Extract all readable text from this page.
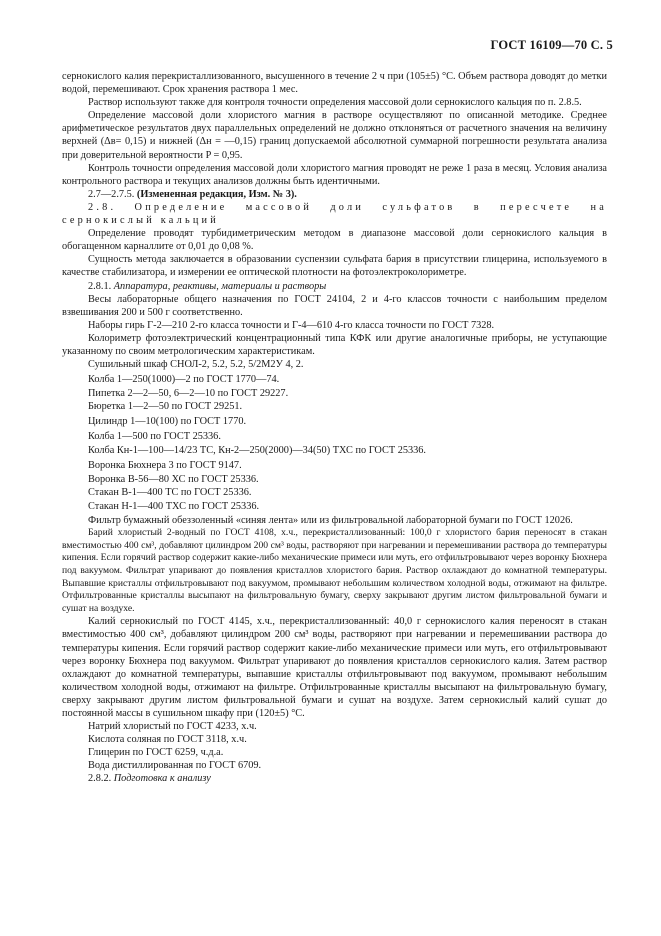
ГОСТ 16109—70 С. 5

сернокислого калия перекристаллизованного, высушенного в течение 2 ч при (105±5) °С. Объем раствора доводят до метки водой, перемешивают. Срок хранения раствора 1 мес.

Раствор используют также для контроля точности определения массовой доли сернокислого кальция по п. 2.8.5.

Определение массовой доли хлористого магния в растворе осуществляют по описанной методике. Среднее арифметическое результатов двух параллельных определений не должно отклоняться от расчетного значения на величину верхней (Δв= 0,15) и нижней (Δн = —0,15) границ допускаемой абсолютной суммарной погрешности результата анализа при доверительной вероятности P = 0,95.

Контроль точности определения массовой доли хлористого магния проводят не реже 1 раза в месяц. Условия анализа контрольного раствора и текущих анализов должны быть идентичными.

2.7—2.7.5. (Измененная редакция, Изм. № 3).

2.8. Определение массовой доли сульфатов в пересчете на сернокислый кальций

Определение проводят турбидиметрическим методом в диапазоне массовой доли сернокислого кальция в обогащенном карналлите от 0,01 до 0,08 %.

Сущность метода заключается в образовании суспензии сульфата бария в присутствии глицерина, используемого в качестве стабилизатора, и измерении ее оптической плотности на фотоэлектроколориметре.

2.8.1. Аппаратура, реактивы, материалы и растворы

Весы лабораторные общего назначения по ГОСТ 24104, 2 и 4-го классов точности с наибольшим пределом взвешивания 200 и 500 г соответственно.

Наборы гирь Г-2—210 2-го класса точности и Г-4—610 4-го класса точности по ГОСТ 7328.

Колориметр фотоэлектрический концентрационный типа КФК или другие аналогичные приборы, не уступающие указанному по своим метрологическим характеристикам.

Сушильный шкаф СНОЛ-2, 5.2, 5.2, 5/2М2У 4, 2.

Колба 1—250(1000)—2 по ГОСТ 1770—74.

Пипетка 2—2—50, 6—2—10 по ГОСТ 29227.

Бюретка 1—2—50 по ГОСТ 29251.

Цилиндр 1—10(100) по ГОСТ 1770.

Колба 1—500 по ГОСТ 25336.

Колба Кн-1—100—14/23 ТС, Кн-2—250(2000)—34(50) ТХС по ГОСТ 25336.

Воронка Бюхнера 3 по ГОСТ 9147.

Воронка В-56—80 ХС по ГОСТ 25336.

Стакан В-1—400 ТС по ГОСТ 25336.

Стакан Н-1—400 ТХС по ГОСТ 25336.

Фильтр бумажный обеззоленный «синяя лента» или из фильтровальной лабораторной бумаги по ГОСТ 12026.

Барий хлористый 2-водный по ГОСТ 4108, х.ч., перекристаллизованный: 100,0 г хлористого бария переносят в стакан вместимостью 400 см³, добавляют цилиндром 200 см³ воды, растворяют при нагревании и перемешивании раствора до температуры кипения. Если горячий раствор содержит какие-либо механические примеси или муть, его отфильтровывают через воронку Бюхнера под вакуумом. Фильтрат упаривают до появления кристаллов хлористого бария. Раствор охлаждают до комнатной температуры. Выпавшие кристаллы отфильтровывают под вакуумом, промывают небольшим количеством холодной воды, отжимают на фильтре. Отфильтрованные кристаллы высыпают на фильтровальную бумагу, сверху закрывают другим листом фильтровальной бумаги и сушат на воздухе.

Калий сернокислый по ГОСТ 4145, х.ч., перекристаллизованный: 40,0 г сернокислого калия переносят в стакан вместимостью 400 см³, добавляют цилиндром 200 см³ воды, растворяют при нагревании и перемешивании раствора до температуры кипения. Если горячий раствор содержит какие-либо механические примеси или муть, его отфильтровывают через воронку Бюхнера под вакуумом. Фильтрат упаривают до появления кристаллов сернокислого калия. Затем раствор охлаждают до комнатной температуры, выпавшие кристаллы отфильтровывают под вакуумом, промывают небольшим количеством холодной воды, отжимают на фильтре. Отфильтрованные кристаллы высыпают на фильтровальную бумагу, сверху закрывают другим листом фильтровальной бумаги и сушат на воздухе. Затем сернокислый калий сушат до постоянной массы в сушильном шкафу при (120±5) °С.

Натрий хлористый по ГОСТ 4233, х.ч.

Кислота соляная по ГОСТ 3118, х.ч.

Глицерин по ГОСТ 6259, ч.д.а.

Вода дистиллированная по ГОСТ 6709.

2.8.2. Подготовка к анализу
